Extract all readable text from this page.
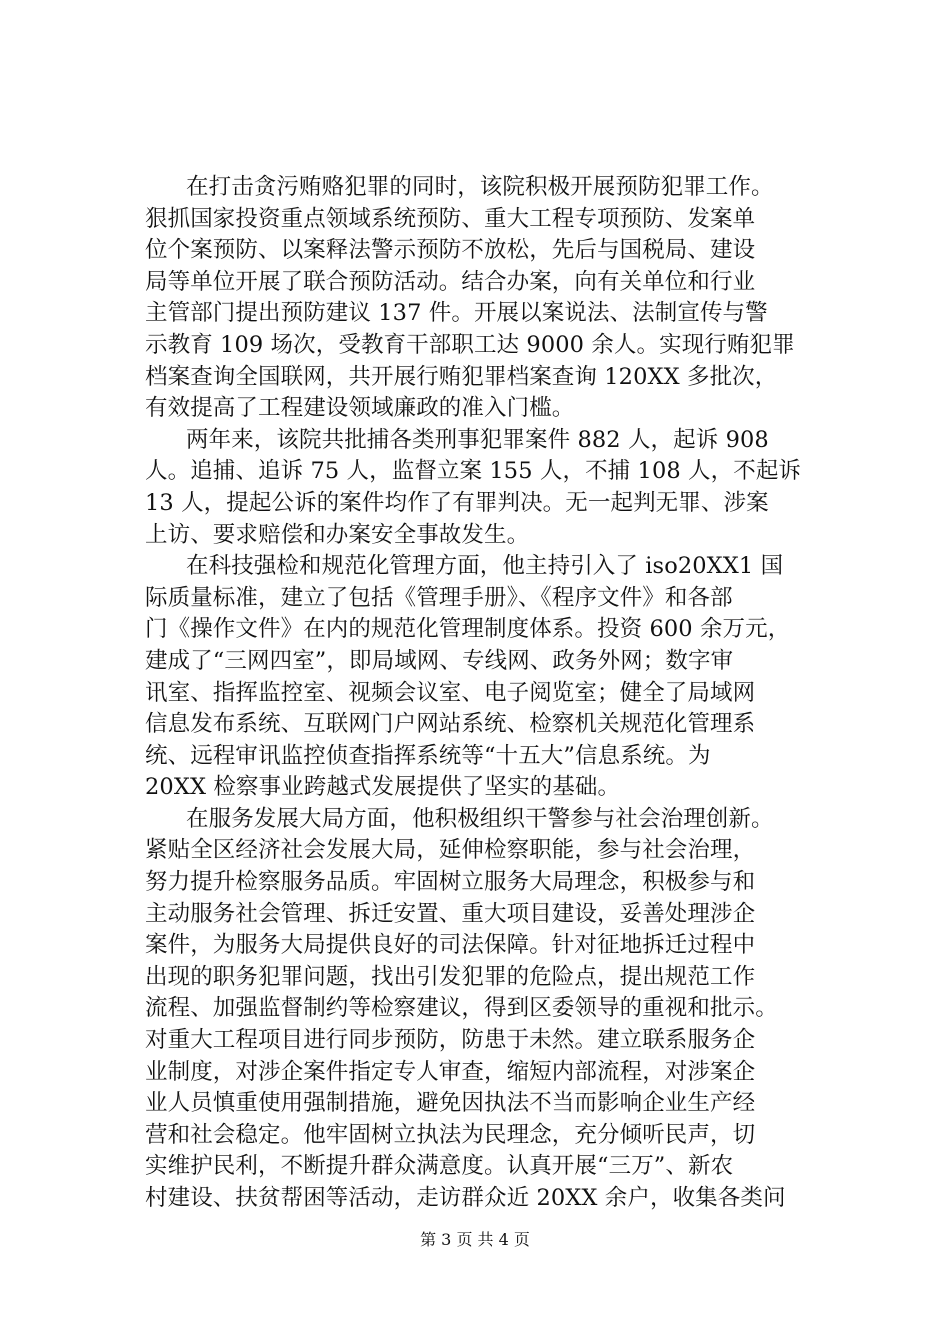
在打击贪污贿赂犯罪的同时，该院积极开展预防犯罪工作。
狠抓国家投资重点领域系统预防、重大工程专项预防、发案单
位个案预防、以案释法警示预防不放松，先后与国税局、建设
局等单位开展了联合预防活动。结合办案，向有关单位和行业
主管部门提出预防建议 137 件。开展以案说法、法制宣传与警
示教育 109 场次，受教育干部职工达 9000 余人。实现行贿犯罪
档案查询全国联网，共开展行贿犯罪档案查询 120XX 多批次，
有效提高了工程建设领域廉政的准入门槛。
两年来，该院共批捕各类刑事犯罪案件 882 人，起诉 908
人。追捕、追诉 75 人，监督立案 155 人，不捕 108 人，不起诉
13 人，提起公诉的案件均作了有罪判决。无一起判无罪、涉案
上访、要求赔偿和办案安全事故发生。
在科技强检和规范化管理方面，他主持引入了 iso20XX1 国
际质量标准，建立了包括《管理手册》、《程序文件》和各部
门《操作文件》在内的规范化管理制度体系。投资 600 余万元，
建成了“三网四室”，即局域网、专线网、政务外网；数字审
讯室、指挥监控室、视频会议室、电子阅览室；健全了局域网
信息发布系统、互联网门户网站系统、检察机关规范化管理系
统、远程审讯监控侦查指挥系统等“十五大”信息系统。为
20XX 检察事业跨越式发展提供了坚实的基础。
在服务发展大局方面，他积极组织干警参与社会治理创新。
紧贴全区经济社会发展大局，延伸检察职能，参与社会治理，
努力提升检察服务品质。牢固树立服务大局理念，积极参与和
主动服务社会管理、拆迁安置、重大项目建设，妥善处理涉企
案件，为服务大局提供良好的司法保障。针对征地拆迁过程中
出现的职务犯罪问题，找出引发犯罪的危险点，提出规范工作
流程、加强监督制约等检察建议，得到区委领导的重视和批示。
对重大工程项目进行同步预防，防患于未然。建立联系服务企
业制度，对涉企案件指定专人审查，缩短内部流程，对涉案企
业人员慎重使用强制措施，避免因执法不当而影响企业生产经
营和社会稳定。他牢固树立执法为民理念，充分倾听民声，切
实维护民利，不断提升群众满意度。认真开展“三万”、新农
村建设、扶贫帮困等活动，走访群众近 20XX 余户，收集各类问
第 3 页 共 4 页
